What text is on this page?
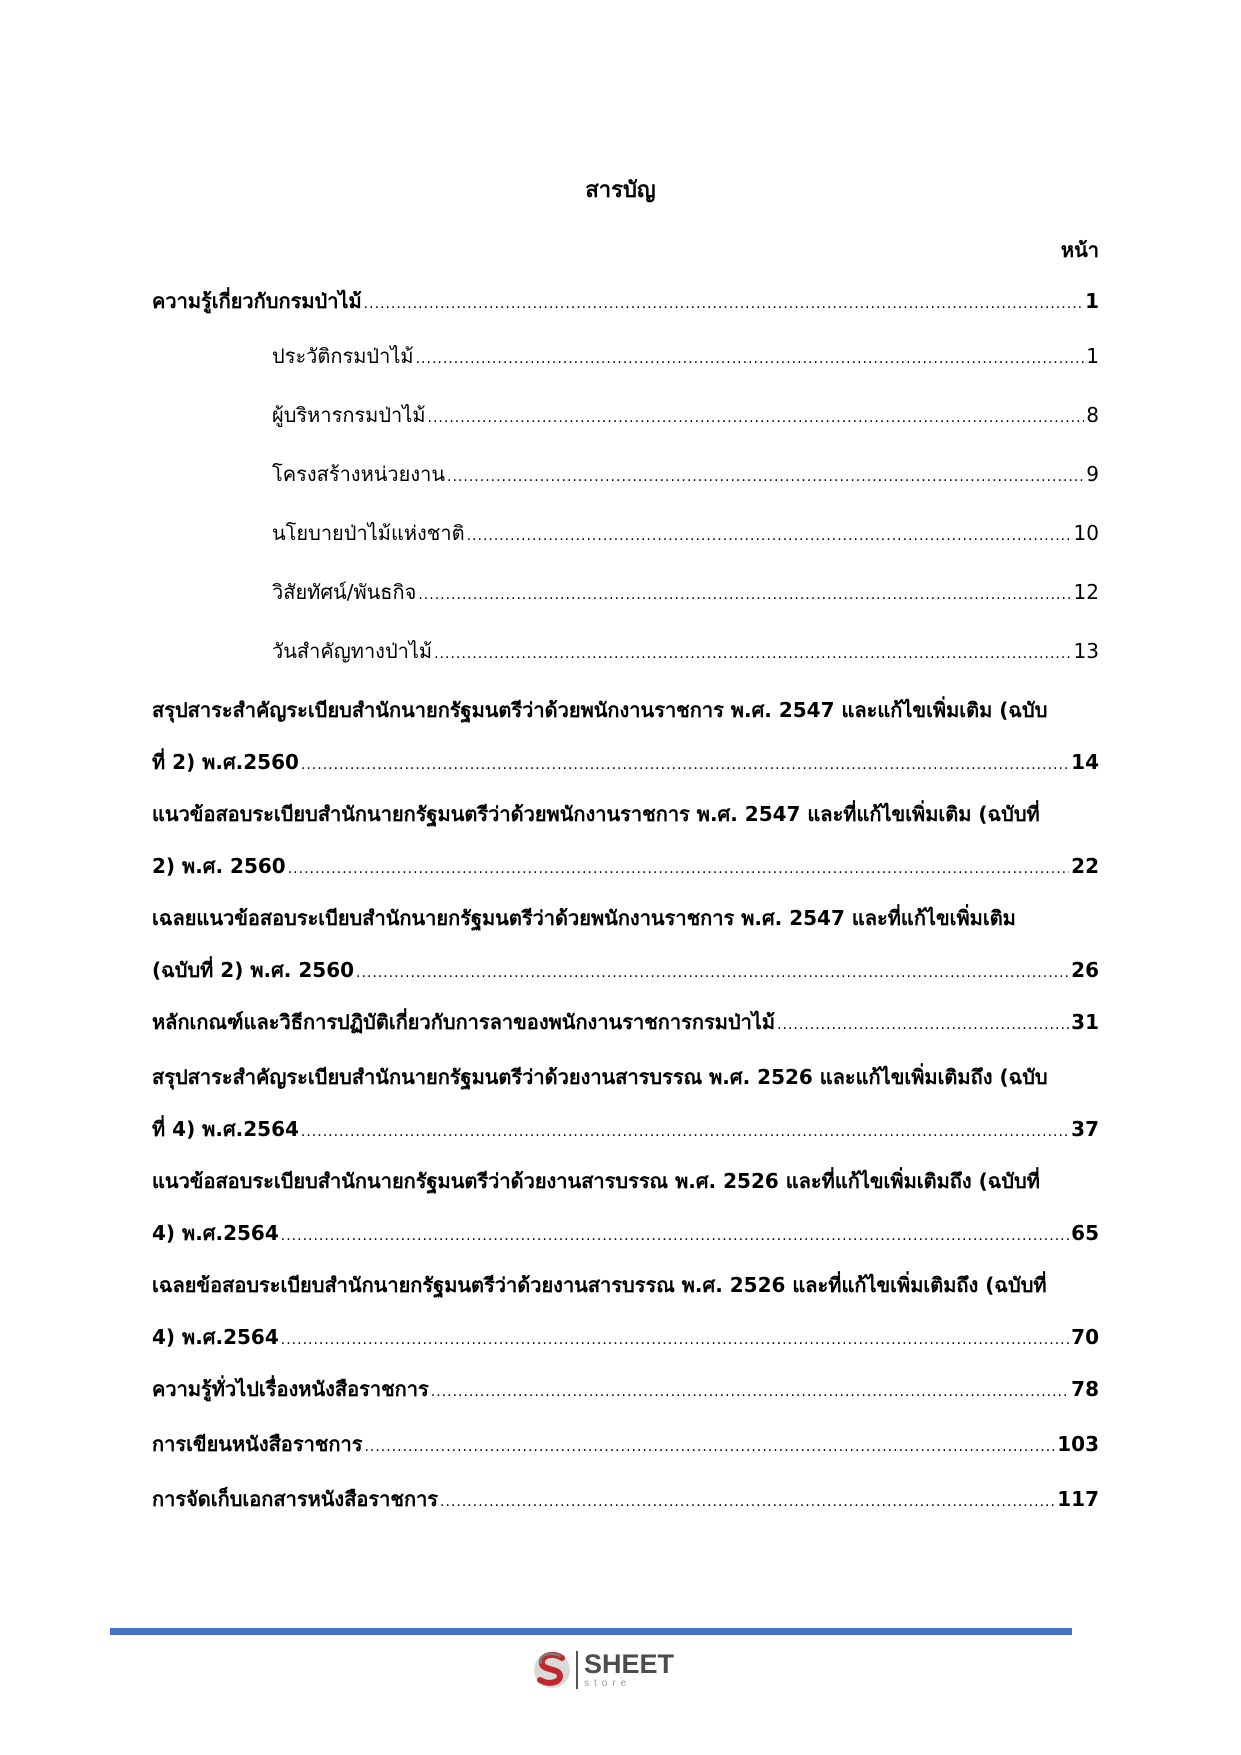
สารบัญ
หน้า
ความรู้เกี่ยวกับกรมป่าไม้ .....	1
ประวัติกรมป่าไม้ .....	1
ผู้บริหารกรมป่าไม้ .....	8
โครงสร้างหน่วยงาน .....	9
นโยบายป่าไม้แห่งชาติ .....	10
วิสัยทัศน์/พันธกิจ .....	12
วันสำคัญทางป่าไม้ .....	13
สรุปสาระสำคัญระเบียบสำนักนายกรัฐมนตรีว่าด้วยพนักงานราชการ พ.ศ. 2547 และแก้ไขเพิ่มเติม (ฉบับ
ที่ 2) พ.ศ.2560 .....	14
แนวข้อสอบระเบียบสำนักนายกรัฐมนตรีว่าด้วยพนักงานราชการ พ.ศ. 2547 และที่แก้ไขเพิ่มเติม (ฉบับที่
2) พ.ศ. 2560 .....	22
เฉลยแนวข้อสอบระเบียบสำนักนายกรัฐมนตรีว่าด้วยพนักงานราชการ พ.ศ. 2547 และที่แก้ไขเพิ่มเติม
(ฉบับที่ 2) พ.ศ. 2560 .....	26
หลักเกณฑ์และวิธีการปฏิบัติเกี่ยวกับการลาของพนักงานราชการกรมป่าไม้ .....	31
สรุปสาระสำคัญระเบียบสำนักนายกรัฐมนตรีว่าด้วยงานสารบรรณ พ.ศ. 2526 และแก้ไขเพิ่มเติมถึง (ฉบับ
ที่ 4) พ.ศ.2564 .....	37
แนวข้อสอบระเบียบสำนักนายกรัฐมนตรีว่าด้วยงานสารบรรณ พ.ศ. 2526 และที่แก้ไขเพิ่มเติมถึง (ฉบับที่
4) พ.ศ.2564 .....	65
เฉลยข้อสอบระเบียบสำนักนายกรัฐมนตรีว่าด้วยงานสารบรรณ พ.ศ. 2526 และที่แก้ไขเพิ่มเติมถึง (ฉบับที่
4) พ.ศ.2564 .....	70
ความรู้ทั่วไปเรื่องหนังสือราชการ .....	78
การเขียนหนังสือราชการ .....	103
การจัดเก็บเอกสารหนังสือราชการ .....	117
SHEET
store
